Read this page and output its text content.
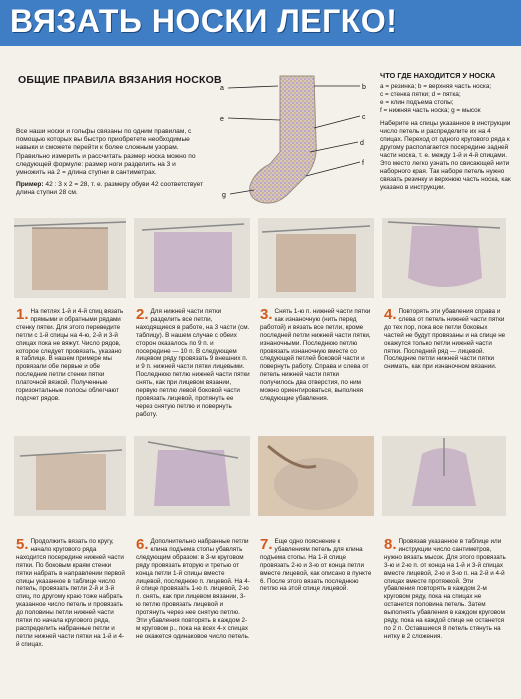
ВЯЗАТЬ НОСКИ ЛЕГКО!
ОБЩИЕ ПРАВИЛА ВЯЗАНИЯ НОСКОВ

Все наши носки и гольфы связаны по одним правилам, с помощью которых вы быстро приобретете необходимые навыки и сможете перейти к более сложным узорам. Правильно измерить и рассчитать размер носка можно по следующей формуле: размер ноги разделить на 3 и умножить на 2 = длина ступни в сантиметрах.

Пример: 42 : 3 х 2 = 28, т. е. размеру обуви 42 соответствует длина ступни 28 см.

a	b
c
d
e
f
g
ЧТО ГДЕ НАХОДИТСЯ У НОСКА
a = резинка; b = верхняя часть носка;
c = стенка пятки; d = пятка;
e = клин подъема стопы;
f = нижняя часть носка; g = мысок
Наберите на спицы указанное в инструкции число петель и распределите их на 4 спицах. Переход от одного кругового ряда к другому располагается посередине задней части носка, т. е. между 1-й и 4-й спицами. Это место легко узнать по свисающей нити наборного края. Так наборе петель нужно связать резинку и верхнюю часть носка, как указано в инструкции.
1. На петлях 1-й и 4-й спиц вязать прямыми и обратными рядами стенку пятки. Для этого переведите петли с 1-й спицы на 4-ю, 2-й и 3-й спицах пока не вяжут. Число рядов, которое следует провязать, указано в таблице. В нашем примере мы провязали обе первые и обе последние петли стенки пятки платочной вязкой. Полученные горизонтальные полосы облегчают подсчет рядов.
2. Для нижней части пятки разделить все петли, находящиеся в работе, на 3 части (см. таблицу). В нашем случае с обеих сторон оказалось по 9 п. и посередине — 10 п. В следующем лицевом ряду провязать 9 внешних п. и 9 п. нижней части пятки лицевыми. Последнюю петлю нижней части пятки снять, как при лицевом вязании, первую петлю левой боковой части провязать лицевой, протянуть ее через снятую петлю и повернуть работу.
3. Снять 1-ю п. нижней части пятки как изнаночную (нить перед работой) и вязать все петли, кроме последней петли нижней части пятки, изнаночными. Последнюю петлю провязать изнаночную вместе со следующей петлей боковой части и повернуть работу. Справа и слева от петель нижней части пятки получилось два отверстия, по ним можно ориентироваться, выполняя следующие убавления.
4. Повторять эти убавления справа и слева от петель нижней части пятки до тех пор, пока все петли боковых частей не будут провязаны и на спице не окажутся только петли нижней части пятки. Последний ряд — лицевой. Последние петли нижней части пятки снимать, как при изнаночном вязании.
5. Продолжить вязать по кругу, начало кругового ряда находится посередине нижней части пятки. По боковым краям стенки пятки набрать в направлении первой спицы указанное в таблице число петель, провязать петли 2-й и 3-й спиц, по другому краю тоже набрать указанное число петель и провязать до половины петли нижней части пятки по начала кругового ряда, распределить набранные петли и петли нижней части пятки на 1-й и 4-й спицах.
6. Дополнительно набранные петли клина подъема стопы убавлять следующим образом: в 3-м круговом ряду провязать вторую и третью от конца петли 1-й спицы вместе лицевой, последнюю п. лицевой. На 4-й спице провязать 1-ю п. лицевой, 2-ю п. снять, как при лицевом вязании, 3-ю петлю провязать лицевой и протянуть через нее снятую петлю. Эти убавления повторять в каждом 2-м круговом р., пока на всех 4-х спицах не окажется одинаковое число петель.
7. Еще одно пояснение к убавлениям петель для клина подъема стопы. На 1-й спице провязать 2-ю и 3-ю от конца петли вместе лицевой, как описано в пункте 6. После этого вязать последнюю петлю на этой спице лицевой.
8. Провязав указанное в таблице или инструкции число сантиметров, нужно вязать мысок. Для этого провязать 3-ю и 2-ю п. от конца на 1-й и 3-й спицах вместе лицевой, 2-ю и 3-ю п. на 2-й и 4-й спицах вместе протяжкой. Эти убавления повторять в каждом 2-м круговом ряду, пока на спицах не останется половина петель. Затем выполнять убавления в каждом круговом ряду, пока на каждой спице не останется по 2 п. Оставшиеся 8 петель стянуть на нитку в 2 сложения.
